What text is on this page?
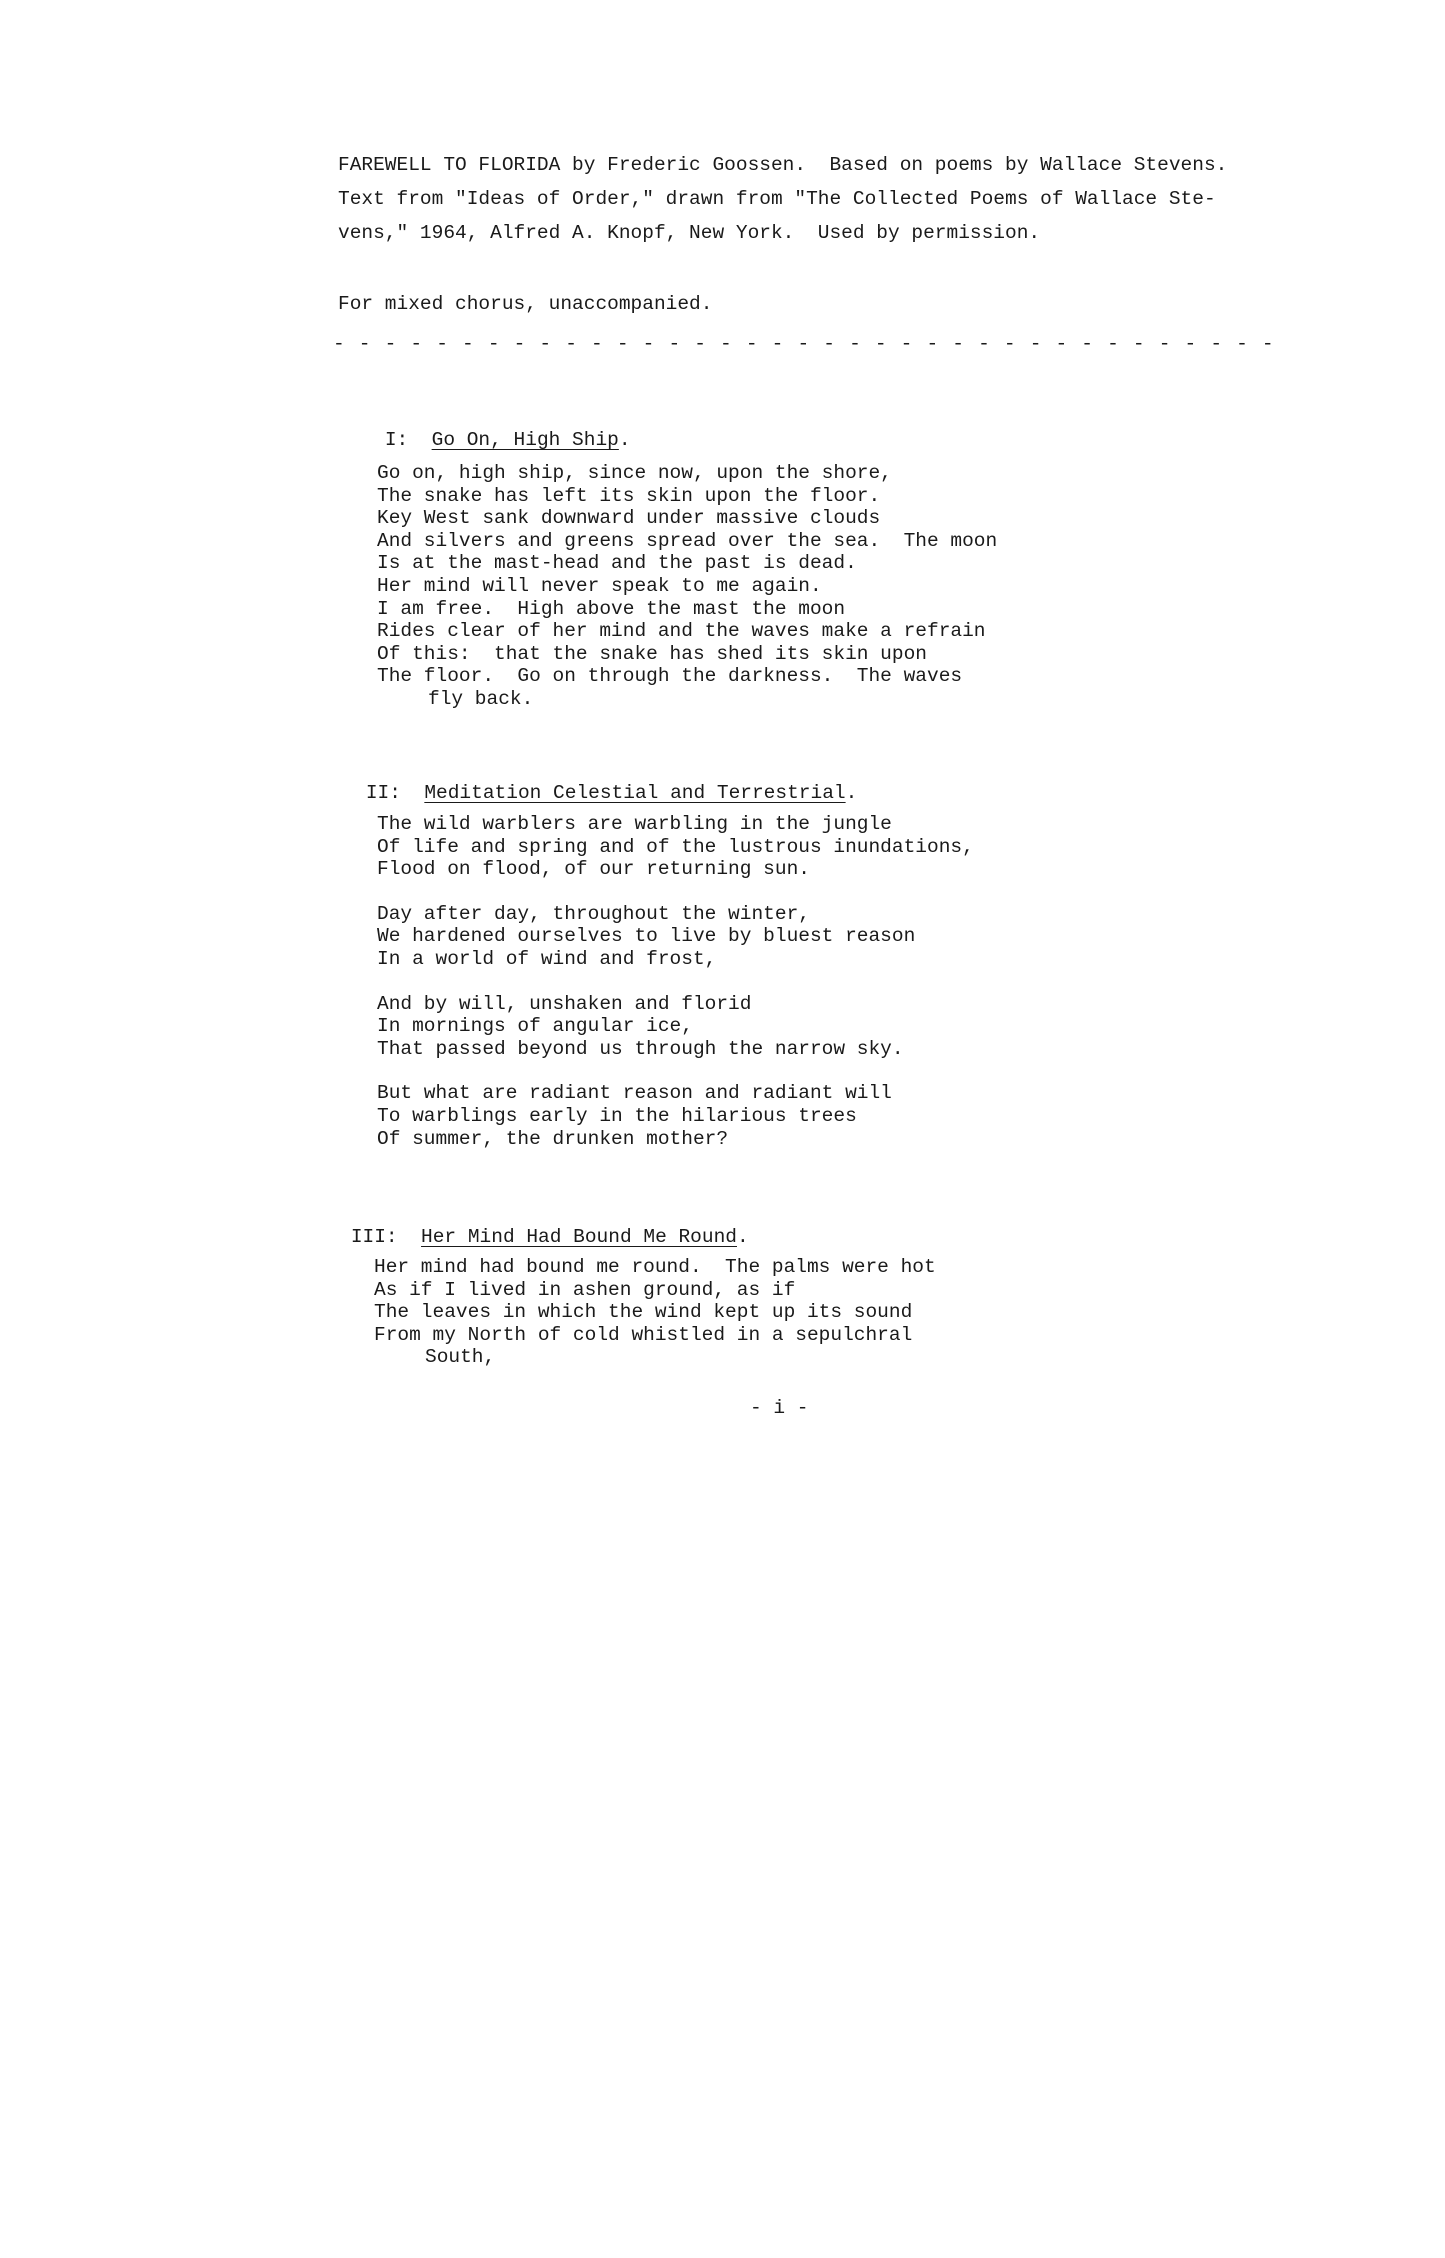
FAREWELL TO FLORIDA by Frederic Goossen.  Based on poems by Wallace Stevens.

Text from "Ideas of Order," drawn from "The Collected Poems of Wallace Ste-

vens," 1964, Alfred A. Knopf, New York.  Used by permission.

For mixed chorus, unaccompanied.
- - - - - - - - - - - - - - - - - - - - - - - - - - - - - - - - - - - - -

I: Go On, High Ship.

Go on, high ship, since now, upon the shore,
The snake has left its skin upon the floor.
Key West sank downward under massive clouds
And silvers and greens spread over the sea.  The moon
Is at the mast-head and the past is dead.
Her mind will never speak to me again.
I am free.  High above the mast the moon
Rides clear of her mind and the waves make a refrain
Of this:  that the snake has shed its skin upon
The floor.  Go on through the darkness.  The waves
fly back.

II: Meditation Celestial and Terrestrial.

The wild warblers are warbling in the jungle
Of life and spring and of the lustrous inundations,
Flood on flood, of our returning sun.
Day after day, throughout the winter,
We hardened ourselves to live by bluest reason
In a world of wind and frost,
And by will, unshaken and florid
In mornings of angular ice,
That passed beyond us through the narrow sky.
But what are radiant reason and radiant will
To warblings early in the hilarious trees
Of summer, the drunken mother?

III: Her Mind Had Bound Me Round.

Her mind had bound me round.  The palms were hot
As if I lived in ashen ground, as if
The leaves in which the wind kept up its sound
From my North of cold whistled in a sepulchral
South,
- i -
